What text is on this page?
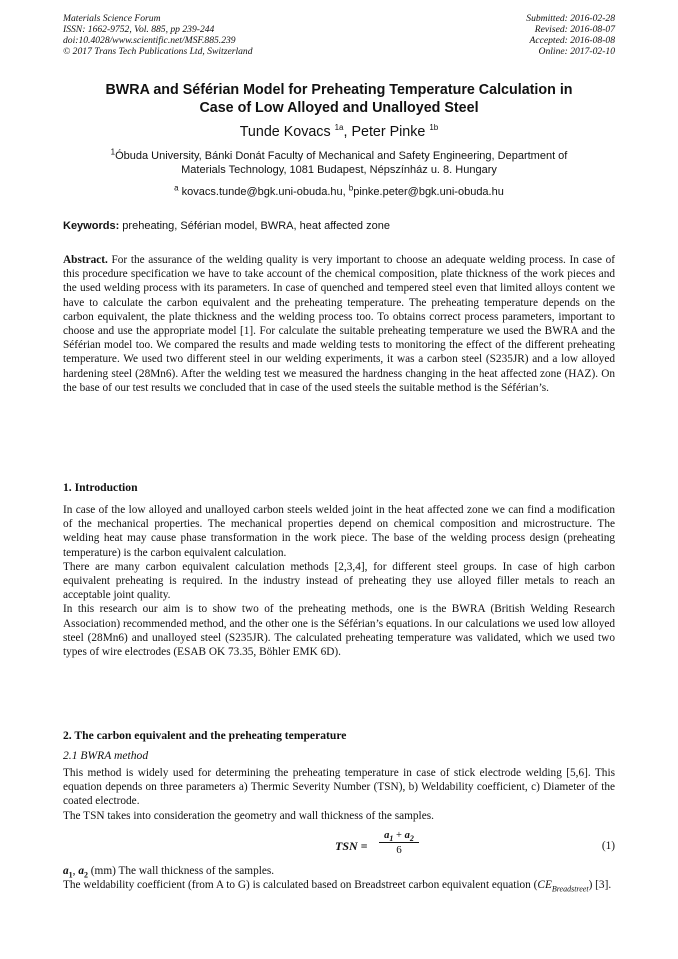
Materials Science Forum
ISSN: 1662-9752, Vol. 885, pp 239-244
doi:10.4028/www.scientific.net/MSF.885.239
© 2017 Trans Tech Publications Ltd, Switzerland
Submitted: 2016-02-28
Revised: 2016-08-07
Accepted: 2016-08-08
Online: 2017-02-10
BWRA and Séférian Model for Preheating Temperature Calculation in
Case of Low Alloyed and Unalloyed Steel
Tunde Kovacs $^{1a}$, Peter Pinke $^{1b}$
$^1$Óbuda University, Bánki Donát Faculty of Mechanical and Safety Engineering, Department of
Materials Technology, 1081 Budapest, Népszínház u. 8. Hungary
$^a$ kovacs.tunde@bgk.uni-obuda.hu, $^b$pinke.peter@bgk.uni-obuda.hu
Keywords: preheating, Séférian model, BWRA, heat affected zone

Abstract. For the assurance of the welding quality is very important to choose an adequate welding process. In case of this procedure specification we have to take account of the chemical composition, plate thickness of the work pieces and the used welding process with its parameters. In case of quenched and tempered steel even that limited alloys content we have to calculate the carbon equivalent and the preheating temperature. The preheating temperature depends on the carbon equivalent, the plate thickness and the welding process too. To obtains correct process parameters, important to choose and use the appropriate model [1]. For calculate the suitable preheating temperature we used the BWRA and the Séférian model too. We compared the results and made welding tests to monitoring the effect of the different preheating temperature. We used two different steel in our welding experiments, it was a carbon steel (S235JR) and a low alloyed hardening steel (28Mn6). After the welding test we measured the hardness changing in the heat affected zone (HAZ). On the base of our test results we concluded that in case of the used steels the suitable method is the Séférian’s.

1. Introduction

In case of the low alloyed and unalloyed carbon steels welded joint in the heat affected zone we can find a modification of the mechanical properties. The mechanical properties depend on chemical composition and microstructure. The welding heat may cause phase transformation in the work piece. The base of the welding process design (preheating temperature) is the carbon equivalent calculation.

There are many carbon equivalent calculation methods [2,3,4], for different steel groups. In case of high carbon equivalent preheating is required. In the industry instead of preheating they use alloyed filler metals to reach an acceptable joint quality.

In this research our aim is to show two of the preheating methods, one is the BWRA (British Welding Research Association) recommended method, and the other one is the Séférian’s equations. In our calculations we used low alloyed steel (28Mn6) and unalloyed steel (S235JR). The calculated preheating temperature was validated, which we used two types of wire electrodes (ESAB OK 73.35, Böhler EMK 6D).

2. The carbon equivalent and the preheating temperature
2.1 BWRA method

This method is widely used for determining the preheating temperature in case of stick electrode welding [5,6]. This equation depends on three parameters a) Thermic Severity Number (TSN), b) Weldability coefficient, c) Diameter of the coated electrode.

The TSN takes into consideration the geometry and wall thickness of the samples.

TSN =
$a_1 + a_2$
6	(1)

$a_1$, $a_2$ (mm) The wall thickness of the samples.

The weldability coefficient (from A to G) is calculated based on Breadstreet carbon equivalent equation $(CE_{Breadstreet})$ [3].
